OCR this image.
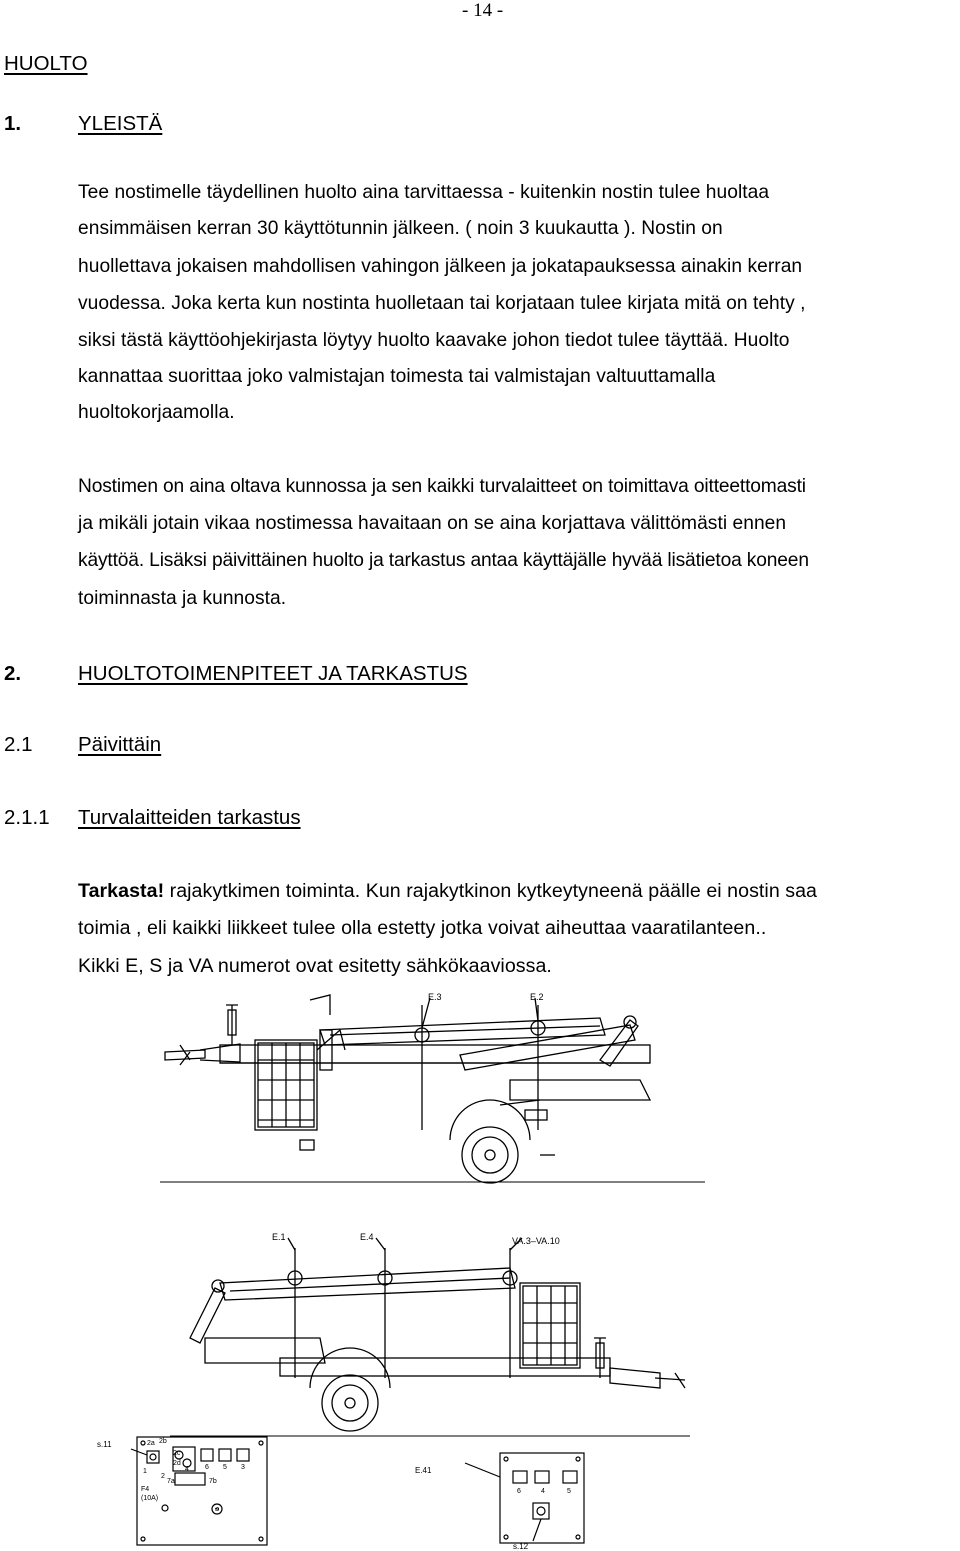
- 14 -
HUOLTO
1.	YLEISTÄ
Tee nostimelle täydellinen huolto aina tarvittaessa - kuitenkin nostin tulee huoltaa
ensimmäisen kerran 30 käyttötunnin jälkeen. ( noin 3 kuukautta ). Nostin on
huollettava jokaisen mahdollisen vahingon jälkeen ja jokatapauksessa ainakin kerran
vuodessa. Joka kerta kun nostinta huolletaan tai korjataan tulee kirjata mitä on tehty ,
siksi tästä käyttöohjekirjasta löytyy huolto kaavake johon tiedot tulee täyttää. Huolto
kannattaa suorittaa joko valmistajan toimesta tai valmistajan valtuuttamalla
huoltokorjaamolla.
Nostimen on aina oltava kunnossa ja sen kaikki turvalaitteet on toimittava oitteettomasti
ja mikäli jotain vikaa nostimessa havaitaan on se aina korjattava välittömästi ennen
käyttöä. Lisäksi päivittäinen huolto ja tarkastus antaa käyttäjälle hyvää lisätietoa koneen
toiminnasta ja kunnosta.
2.	HUOLTOTOIMENPITEET JA TARKASTUS
2.1 Päivittäin
2.1.1 Turvalaitteiden tarkastus
Tarkasta! rajakytkimen toiminta. Kun rajakytkinon kytkeytyneenä päälle ei nostin saa
toimia , eli kaikki liikkeet tulee olla estetty jotka voivat aiheuttaa vaaratilanteen..
Kikki E, S ja VA numerot ovat esitetty sähkökaaviossa.
E.3	E.2
E.1	E.4	VA.3–VA.10
s.11	2a 2b
2c
2d
1
2
4 6 5 3
7a	7b
F4
(10A)
R
E.41
6	4	5
s.12
